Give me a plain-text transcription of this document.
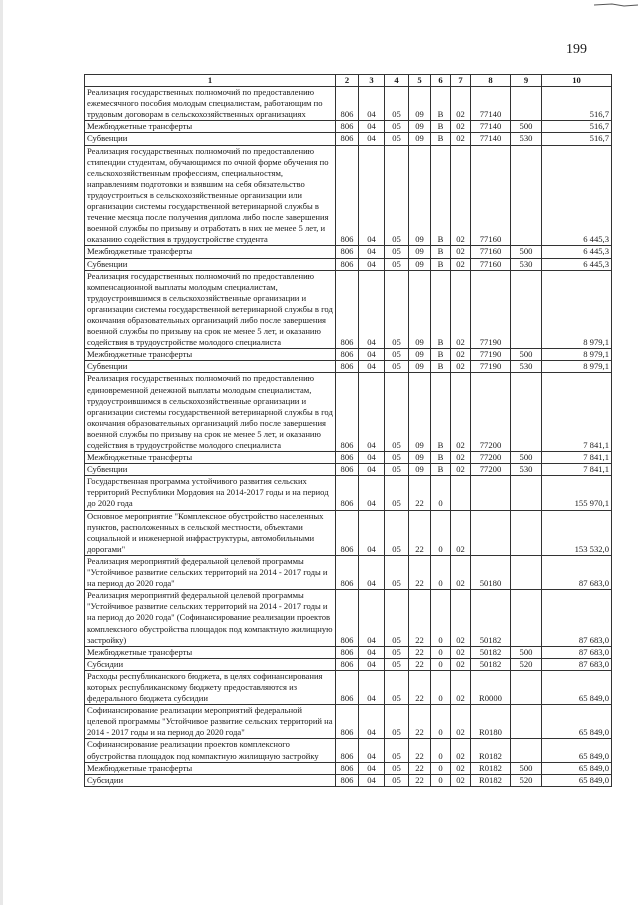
199
1	2	3	4	5	6	7	8	9	10
Реализация государственных полномочий по предоставлению ежемесячного пособия молодым специалистам, работающим по трудовым договорам в сельскохозяйственных организациях	806	04	05	09	В	02	77140		516,7
Межбюджетные трансферты	806	04	05	09	В	02	77140	500	516,7
Субвенции	806	04	05	09	В	02	77140	530	516,7
Реализация государственных полномочий по предоставлению стипендии студентам, обучающимся по очной форме обучения по сельскохозяйственным профессиям, специальностям, направлениям подготовки и взявшим на себя обязательство трудоустроиться в сельскохозяйственные организации или организации системы государственной ветеринарной службы в течение месяца после получения диплома либо после завершения военной службы по призыву и отработать в них не менее 5 лет, и оказанию содействия в трудоустройстве студента	806	04	05	09	В	02	77160		6 445,3
Межбюджетные трансферты	806	04	05	09	В	02	77160	500	6 445,3
Субвенции	806	04	05	09	В	02	77160	530	6 445,3
Реализация государственных полномочий по предоставлению компенсационной выплаты молодым специалистам, трудоустроившимся в сельскохозяйственные организации и организации системы государственной ветеринарной службы в год окончания образовательных организаций либо после завершения военной службы по призыву на срок не менее 5 лет, и оказанию содействия в трудоустройстве молодого специалиста	806	04	05	09	В	02	77190		8 979,1
Межбюджетные трансферты	806	04	05	09	В	02	77190	500	8 979,1
Субвенции	806	04	05	09	В	02	77190	530	8 979,1
Реализация государственных полномочий по предоставлению единовременной денежной выплаты молодым специалистам, трудоустроившимся в сельскохозяйственные организации и организации системы государственной ветеринарной службы в год окончания образовательных организаций либо после завершения военной службы по призыву на срок не менее 5 лет, и оказанию содействия в трудоустройстве молодого специалиста	806	04	05	09	В	02	77200		7 841,1
Межбюджетные трансферты	806	04	05	09	В	02	77200	500	7 841,1
Субвенции	806	04	05	09	В	02	77200	530	7 841,1
Государственная программа устойчивого развития сельских территорий Республики Мордовия на 2014-2017 годы и на период до 2020 года	806	04	05	22	0				155 970,1
Основное мероприятие "Комплексное обустройство населенных пунктов, расположенных в сельской местности, объектами социальной и инженерной инфраструктуры, автомобильными дорогами"	806	04	05	22	0	02			153 532,0
Реализация мероприятий федеральной целевой программы "Устойчивое развитие сельских территорий на 2014 - 2017 годы и на период до 2020 года"	806	04	05	22	0	02	50180		87 683,0
Реализация мероприятий федеральной целевой программы "Устойчивое развитие сельских территорий на 2014 - 2017 годы и на период до 2020 года" (Софинансирование реализации проектов комплексного обустройства площадок под компактную жилищную застройку)	806	04	05	22	0	02	50182		87 683,0
Межбюджетные трансферты	806	04	05	22	0	02	50182	500	87 683,0
Субсидии	806	04	05	22	0	02	50182	520	87 683,0
Расходы республиканского бюджета, в целях софинансирования которых республиканскому бюджету предоставляются из федерального бюджета субсидии	806	04	05	22	0	02	R0000		65 849,0
Софинансирование реализации мероприятий федеральной целевой программы "Устойчивое развитие сельских территорий на 2014 - 2017 годы и на период до 2020 года"	806	04	05	22	0	02	R0180		65 849,0
Софинансирование реализации проектов комплексного обустройства площадок под компактную жилищную застройку	806	04	05	22	0	02	R0182		65 849,0
Межбюджетные трансферты	806	04	05	22	0	02	R0182	500	65 849,0
Субсидии	806	04	05	22	0	02	R0182	520	65 849,0
